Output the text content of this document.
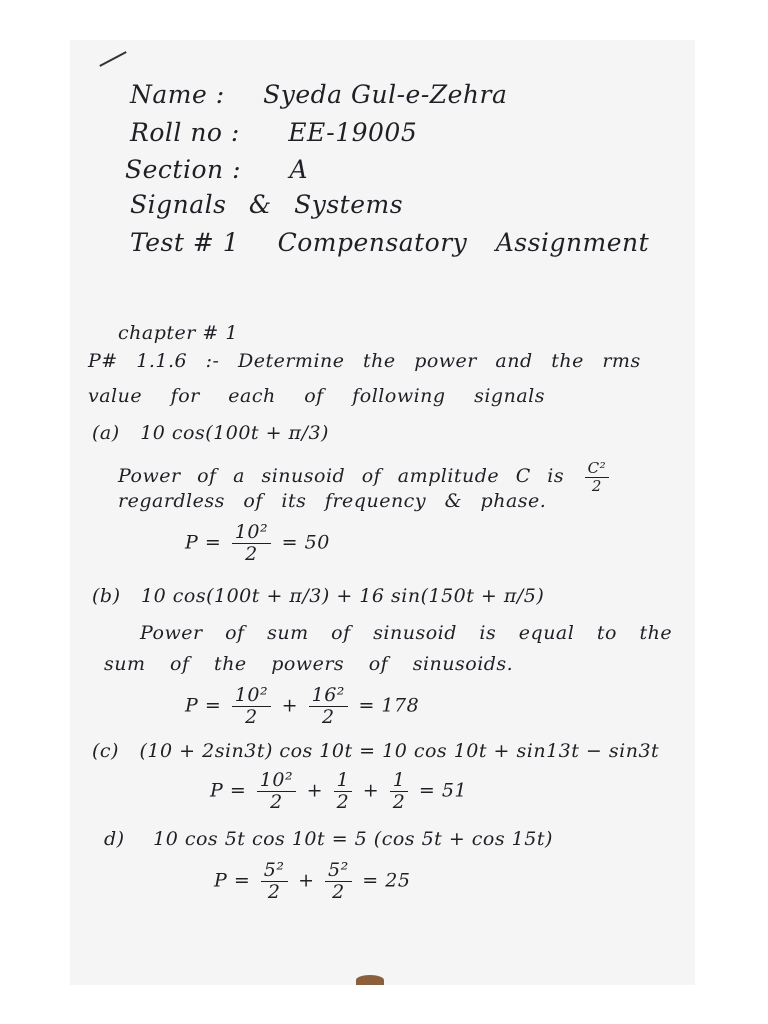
Name : Syeda Gul-e-Zehra
Roll no : EE-19005
Section : A
Signals & Systems
Test # 1 Compensatory Assignment
chapter # 1
P# 1.1.6 :- Determine the power and the rms
value for each of following signals
(a) 10 cos(100t + π/3)
Power of a sinusoid of amplitude C is $\frac{\text{C²}}{2}$
regardless of its frequency & phase.
$P = \frac{\text{10²}}{2} = 50$
(b) 10 cos(100t + π/3) + 16 sin(150t + π/5)
Power of sum of sinusoid is equal to the
sum of the powers of sinusoids.
$P = \frac{\text{10²}}{2} + \frac{\text{16²}}{2} = 178$
(c) (10 + 2sin3t) cos 10t = 10 cos 10t + sin13t − sin3t
$P = \frac{\text{10²}}{2} + \frac{1}{2} + \frac{1}{2} = 51$
d) 10 cos 5t cos 10t = 5 (cos 5t + cos 15t)
$P = \frac{\text{5²}}{2} + \frac{\text{5²}}{2} = 25$
